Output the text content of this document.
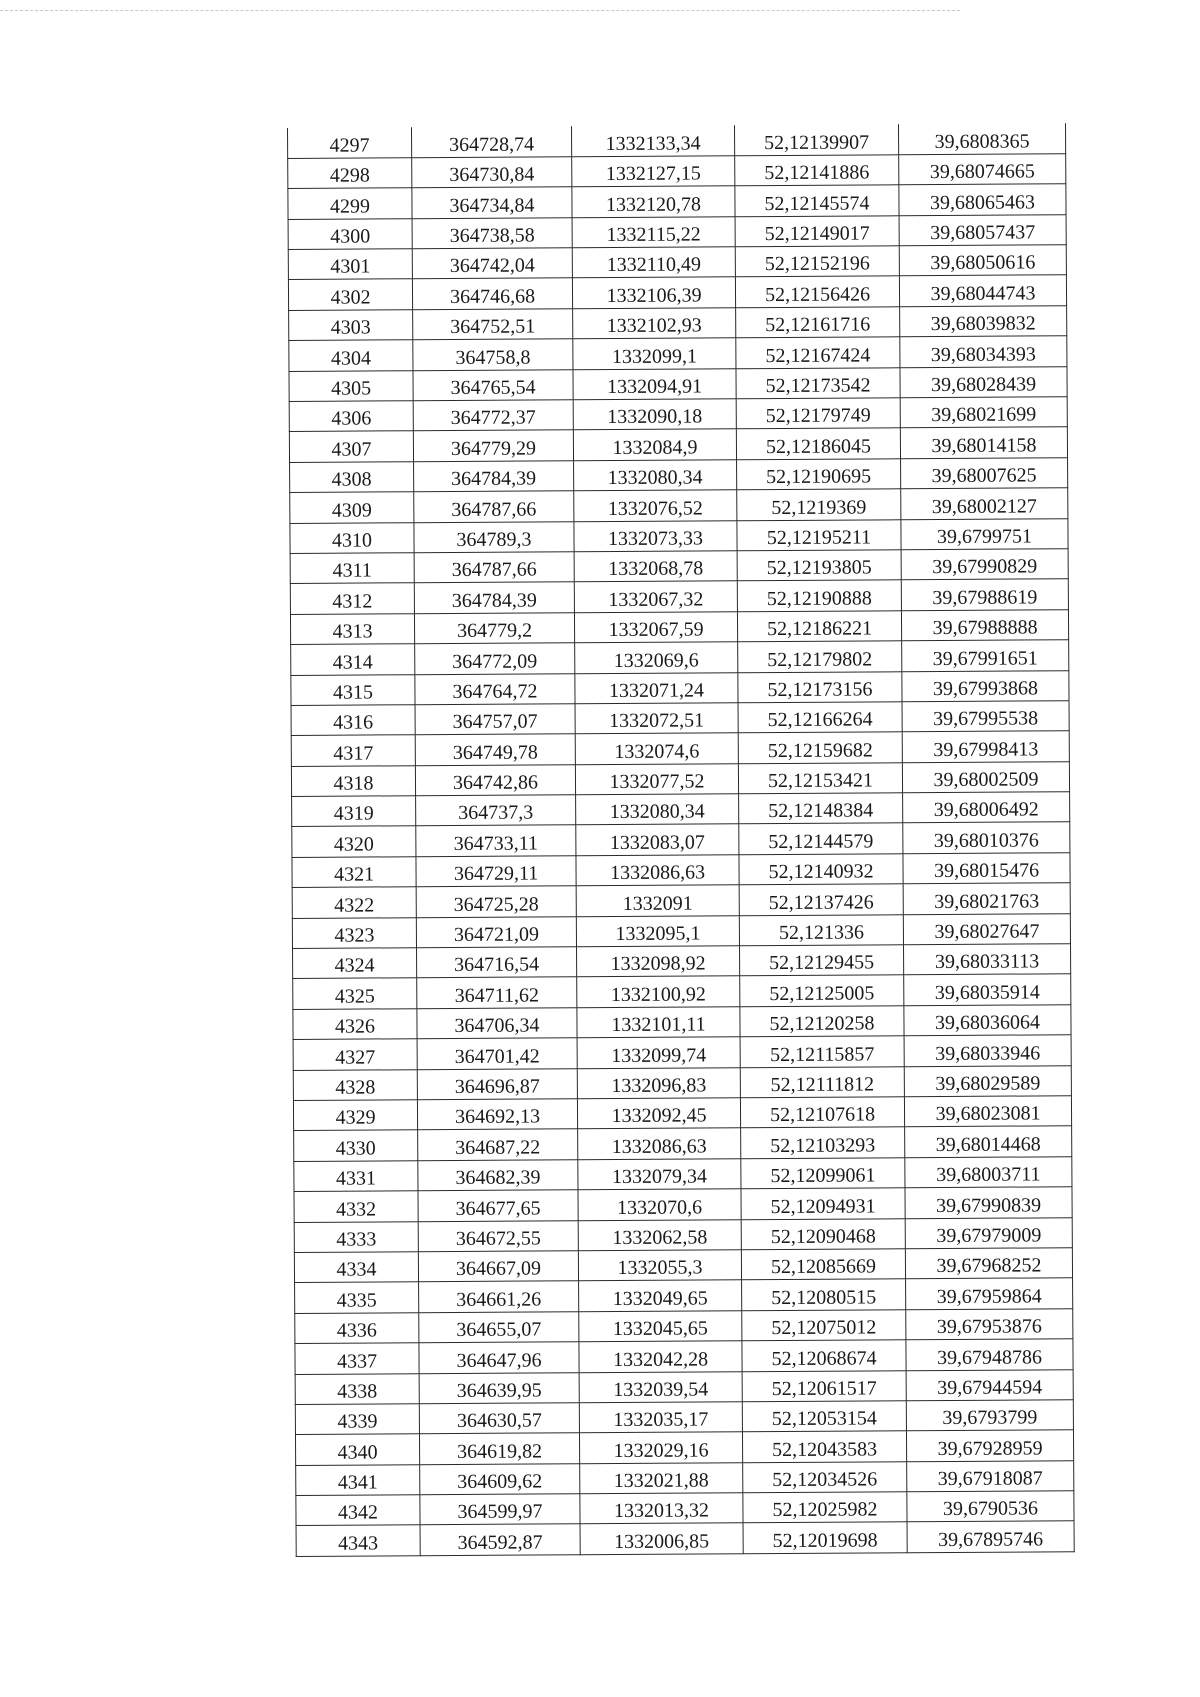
4297	364728,74	1332133,34	52,12139907	39,6808365
4298	364730,84	1332127,15	52,12141886	39,68074665
4299	364734,84	1332120,78	52,12145574	39,68065463
4300	364738,58	1332115,22	52,12149017	39,68057437
4301	364742,04	1332110,49	52,12152196	39,68050616
4302	364746,68	1332106,39	52,12156426	39,68044743
4303	364752,51	1332102,93	52,12161716	39,68039832
4304	364758,8	1332099,1	52,12167424	39,68034393
4305	364765,54	1332094,91	52,12173542	39,68028439
4306	364772,37	1332090,18	52,12179749	39,68021699
4307	364779,29	1332084,9	52,12186045	39,68014158
4308	364784,39	1332080,34	52,12190695	39,68007625
4309	364787,66	1332076,52	52,1219369	39,68002127
4310	364789,3	1332073,33	52,12195211	39,6799751
4311	364787,66	1332068,78	52,12193805	39,67990829
4312	364784,39	1332067,32	52,12190888	39,67988619
4313	364779,2	1332067,59	52,12186221	39,67988888
4314	364772,09	1332069,6	52,12179802	39,67991651
4315	364764,72	1332071,24	52,12173156	39,67993868
4316	364757,07	1332072,51	52,12166264	39,67995538
4317	364749,78	1332074,6	52,12159682	39,67998413
4318	364742,86	1332077,52	52,12153421	39,68002509
4319	364737,3	1332080,34	52,12148384	39,68006492
4320	364733,11	1332083,07	52,12144579	39,68010376
4321	364729,11	1332086,63	52,12140932	39,68015476
4322	364725,28	1332091	52,12137426	39,68021763
4323	364721,09	1332095,1	52,121336	39,68027647
4324	364716,54	1332098,92	52,12129455	39,68033113
4325	364711,62	1332100,92	52,12125005	39,68035914
4326	364706,34	1332101,11	52,12120258	39,68036064
4327	364701,42	1332099,74	52,12115857	39,68033946
4328	364696,87	1332096,83	52,12111812	39,68029589
4329	364692,13	1332092,45	52,12107618	39,68023081
4330	364687,22	1332086,63	52,12103293	39,68014468
4331	364682,39	1332079,34	52,12099061	39,68003711
4332	364677,65	1332070,6	52,12094931	39,67990839
4333	364672,55	1332062,58	52,12090468	39,67979009
4334	364667,09	1332055,3	52,12085669	39,67968252
4335	364661,26	1332049,65	52,12080515	39,67959864
4336	364655,07	1332045,65	52,12075012	39,67953876
4337	364647,96	1332042,28	52,12068674	39,67948786
4338	364639,95	1332039,54	52,12061517	39,67944594
4339	364630,57	1332035,17	52,12053154	39,6793799
4340	364619,82	1332029,16	52,12043583	39,67928959
4341	364609,62	1332021,88	52,12034526	39,67918087
4342	364599,97	1332013,32	52,12025982	39,6790536
4343	364592,87	1332006,85	52,12019698	39,67895746
